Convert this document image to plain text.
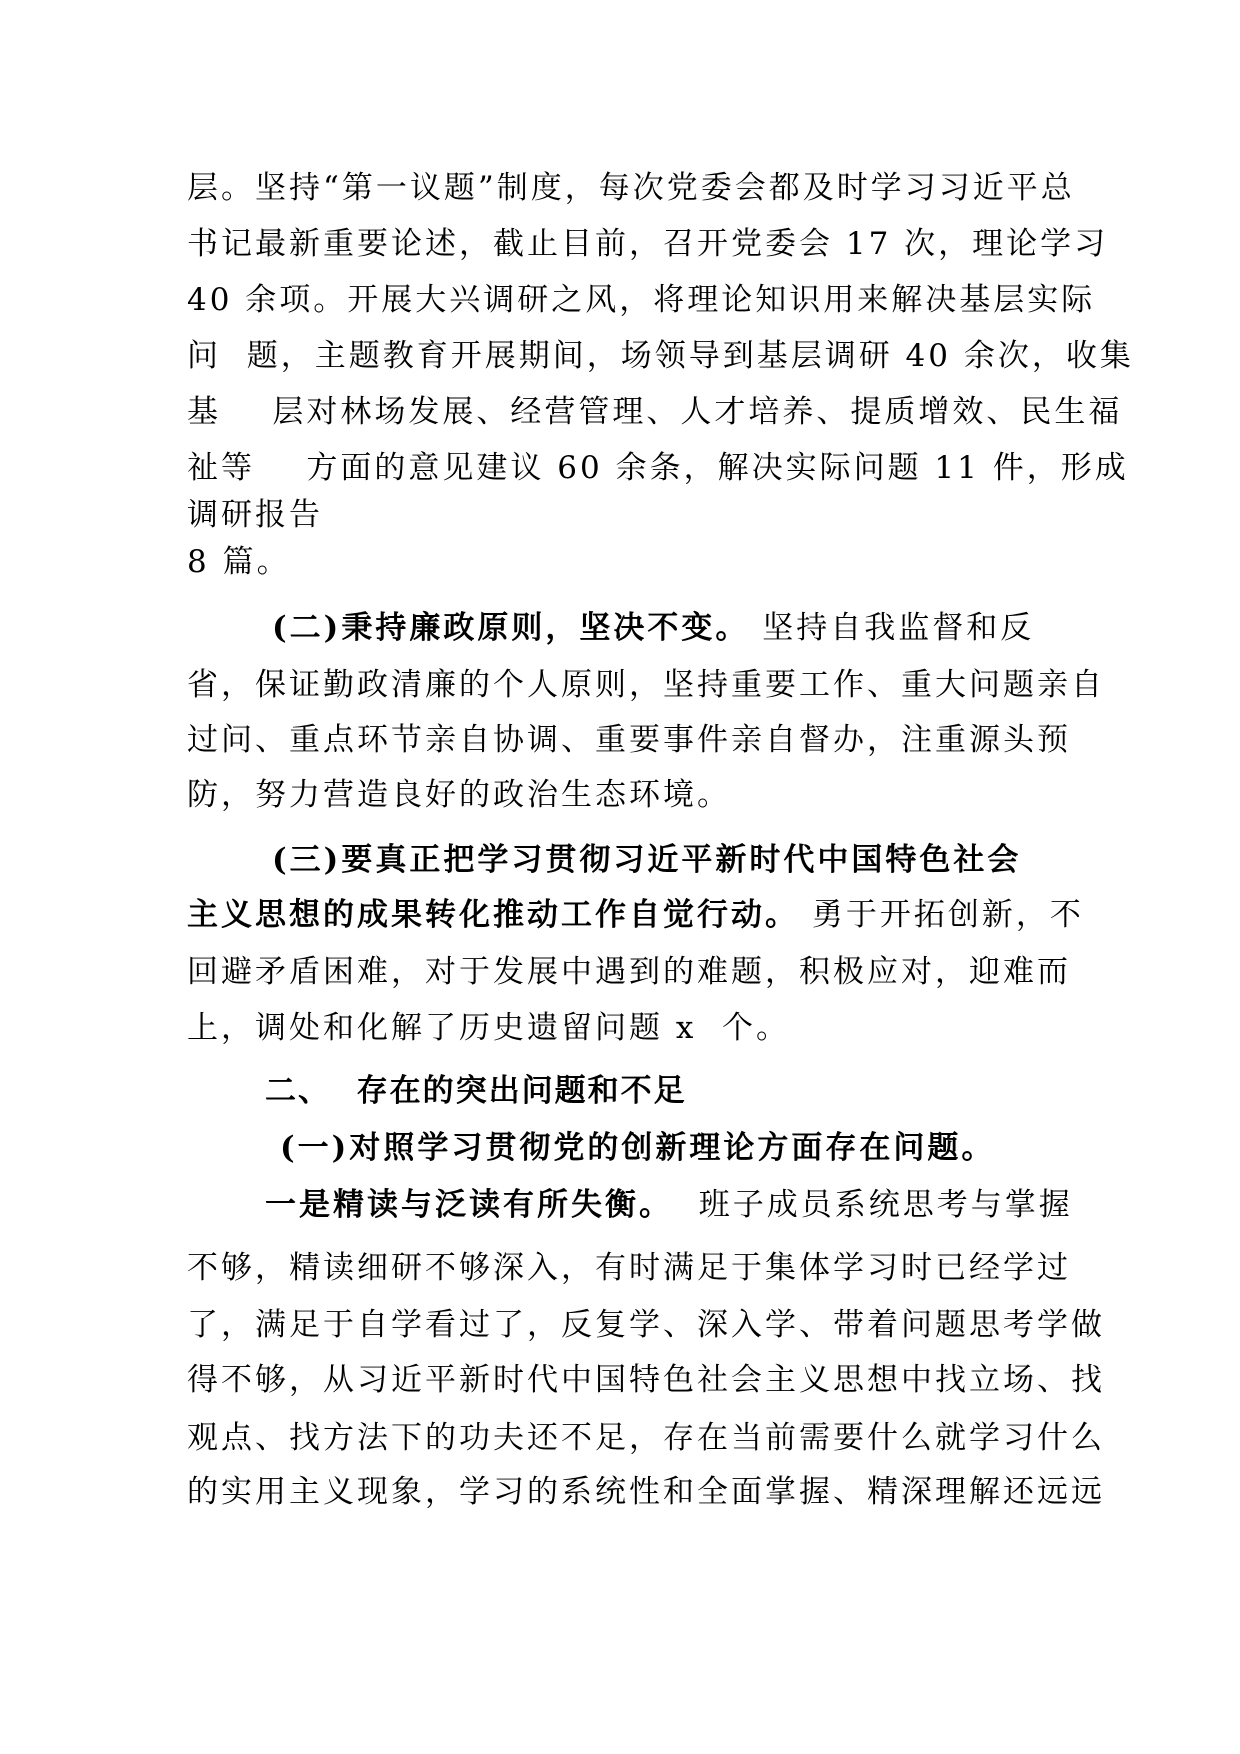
层。坚持“第一议题”制度，每次党委会都及时学习习近平总
书记最新重要论述，截止目前，召开党委会 17 次，理论学习
40 余项。开展大兴调研之风，将理论知识用来解决基层实际
问  题，主题教育开展期间，场领导到基层调研 40 余次，收集
基    层对林场发展、经营管理、人才培养、提质增效、民生福
祉等    方面的意见建议 60 余条，解决实际问题 11 件，形成
调研报告
8 篇。
(二)秉持廉政原则，坚决不变。 坚持自我监督和反
省，保证勤政清廉的个人原则，坚持重要工作、重大问题亲自
过问、重点环节亲自协调、重要事件亲自督办，注重源头预
防，努力营造良好的政治生态环境。
(三)要真正把学习贯彻习近平新时代中国特色社会
主义思想的成果转化推动工作自觉行动。 勇于开拓创新，不
回避矛盾困难，对于发展中遇到的难题，积极应对，迎难而
上，调处和化解了历史遗留问题 x  个。
二、  存在的突出问题和不足
(一)对照学习贯彻党的创新理论方面存在问题。
一是精读与泛读有所失衡。  班子成员系统思考与掌握
不够，精读细研不够深入，有时满足于集体学习时已经学过
了，满足于自学看过了，反复学、深入学、带着问题思考学做
得不够，从习近平新时代中国特色社会主义思想中找立场、找
观点、找方法下的功夫还不足，存在当前需要什么就学习什么
的实用主义现象，学习的系统性和全面掌握、精深理解还远远
